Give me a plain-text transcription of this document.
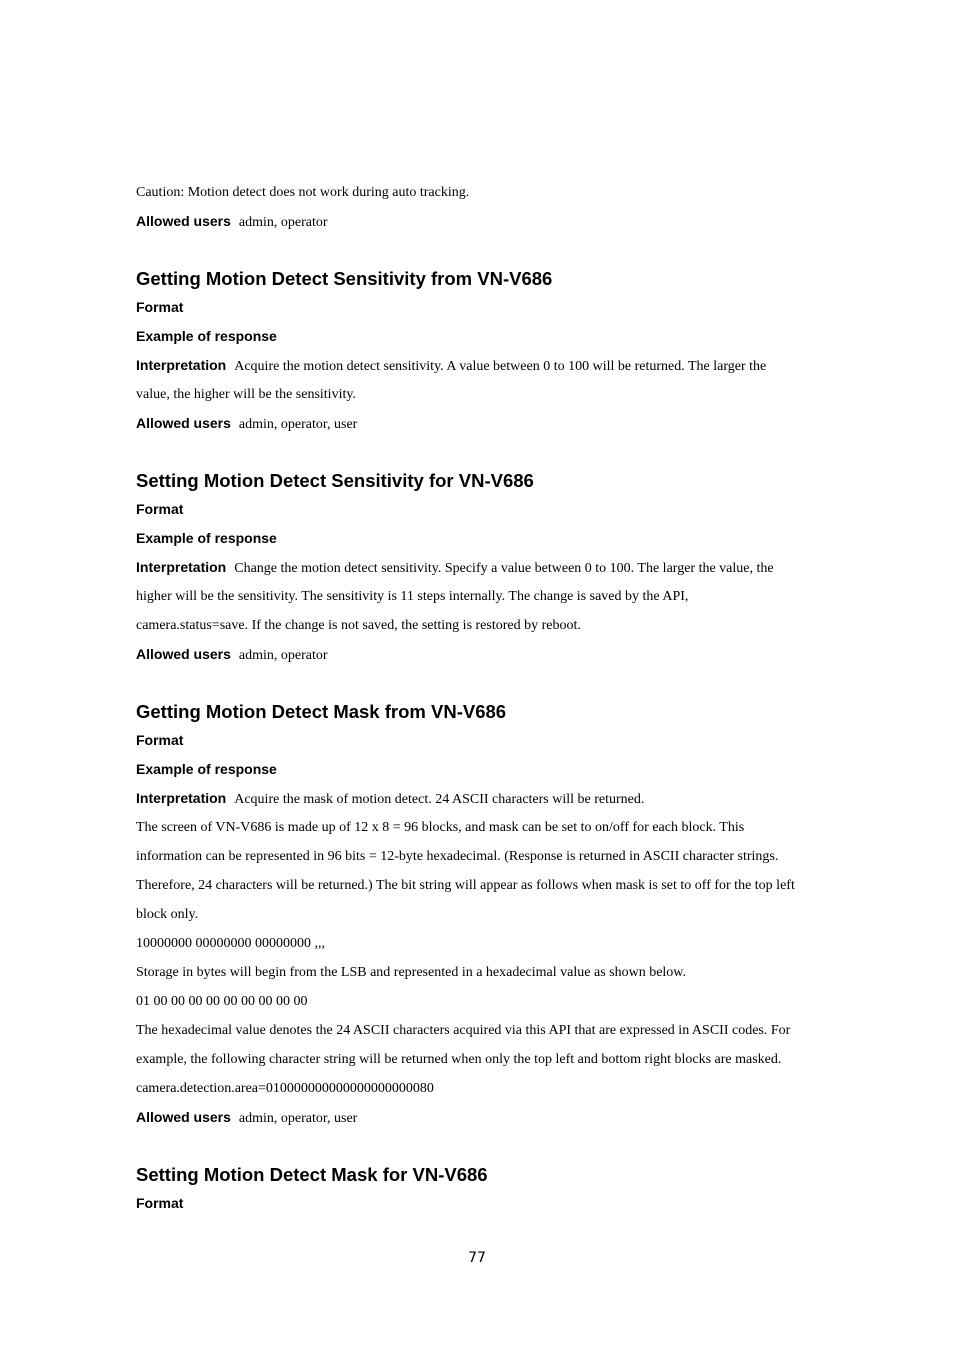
Caution: Motion detect does not work during auto tracking.
Allowed users admin, operator
Getting Motion Detect Sensitivity from VN-V686
Format
Example of response
Interpretation Acquire the motion detect sensitivity. A value between 0 to 100 will be returned. The larger the
value, the higher will be the sensitivity.
Allowed users admin, operator, user
Setting Motion Detect Sensitivity for VN-V686
Format
Example of response
Interpretation Change the motion detect sensitivity. Specify a value between 0 to 100. The larger the value, the
higher will be the sensitivity. The sensitivity is 11 steps internally. The change is saved by the API,
camera.status=save. If the change is not saved, the setting is restored by reboot.
Allowed users admin, operator
Getting Motion Detect Mask from VN-V686
Format
Example of response
Interpretation Acquire the mask of motion detect. 24 ASCII characters will be returned.
The screen of VN-V686 is made up of 12 x 8 = 96 blocks, and mask can be set to on/off for each block. This
information can be represented in 96 bits = 12-byte hexadecimal. (Response is returned in ASCII character strings.
Therefore, 24 characters will be returned.) The bit string will appear as follows when mask is set to off for the top left
block only.
10000000 00000000 00000000 ,,,
Storage in bytes will begin from the LSB and represented in a hexadecimal value as shown below.
01 00 00 00 00 00 00 00 00 00
The hexadecimal value denotes the 24 ASCII characters acquired via this API that are expressed in ASCII codes. For
example, the following character string will be returned when only the top left and bottom right blocks are masked.
camera.detection.area=010000000000000000000080
Allowed users admin, operator, user
Setting Motion Detect Mask for VN-V686
Format
77
